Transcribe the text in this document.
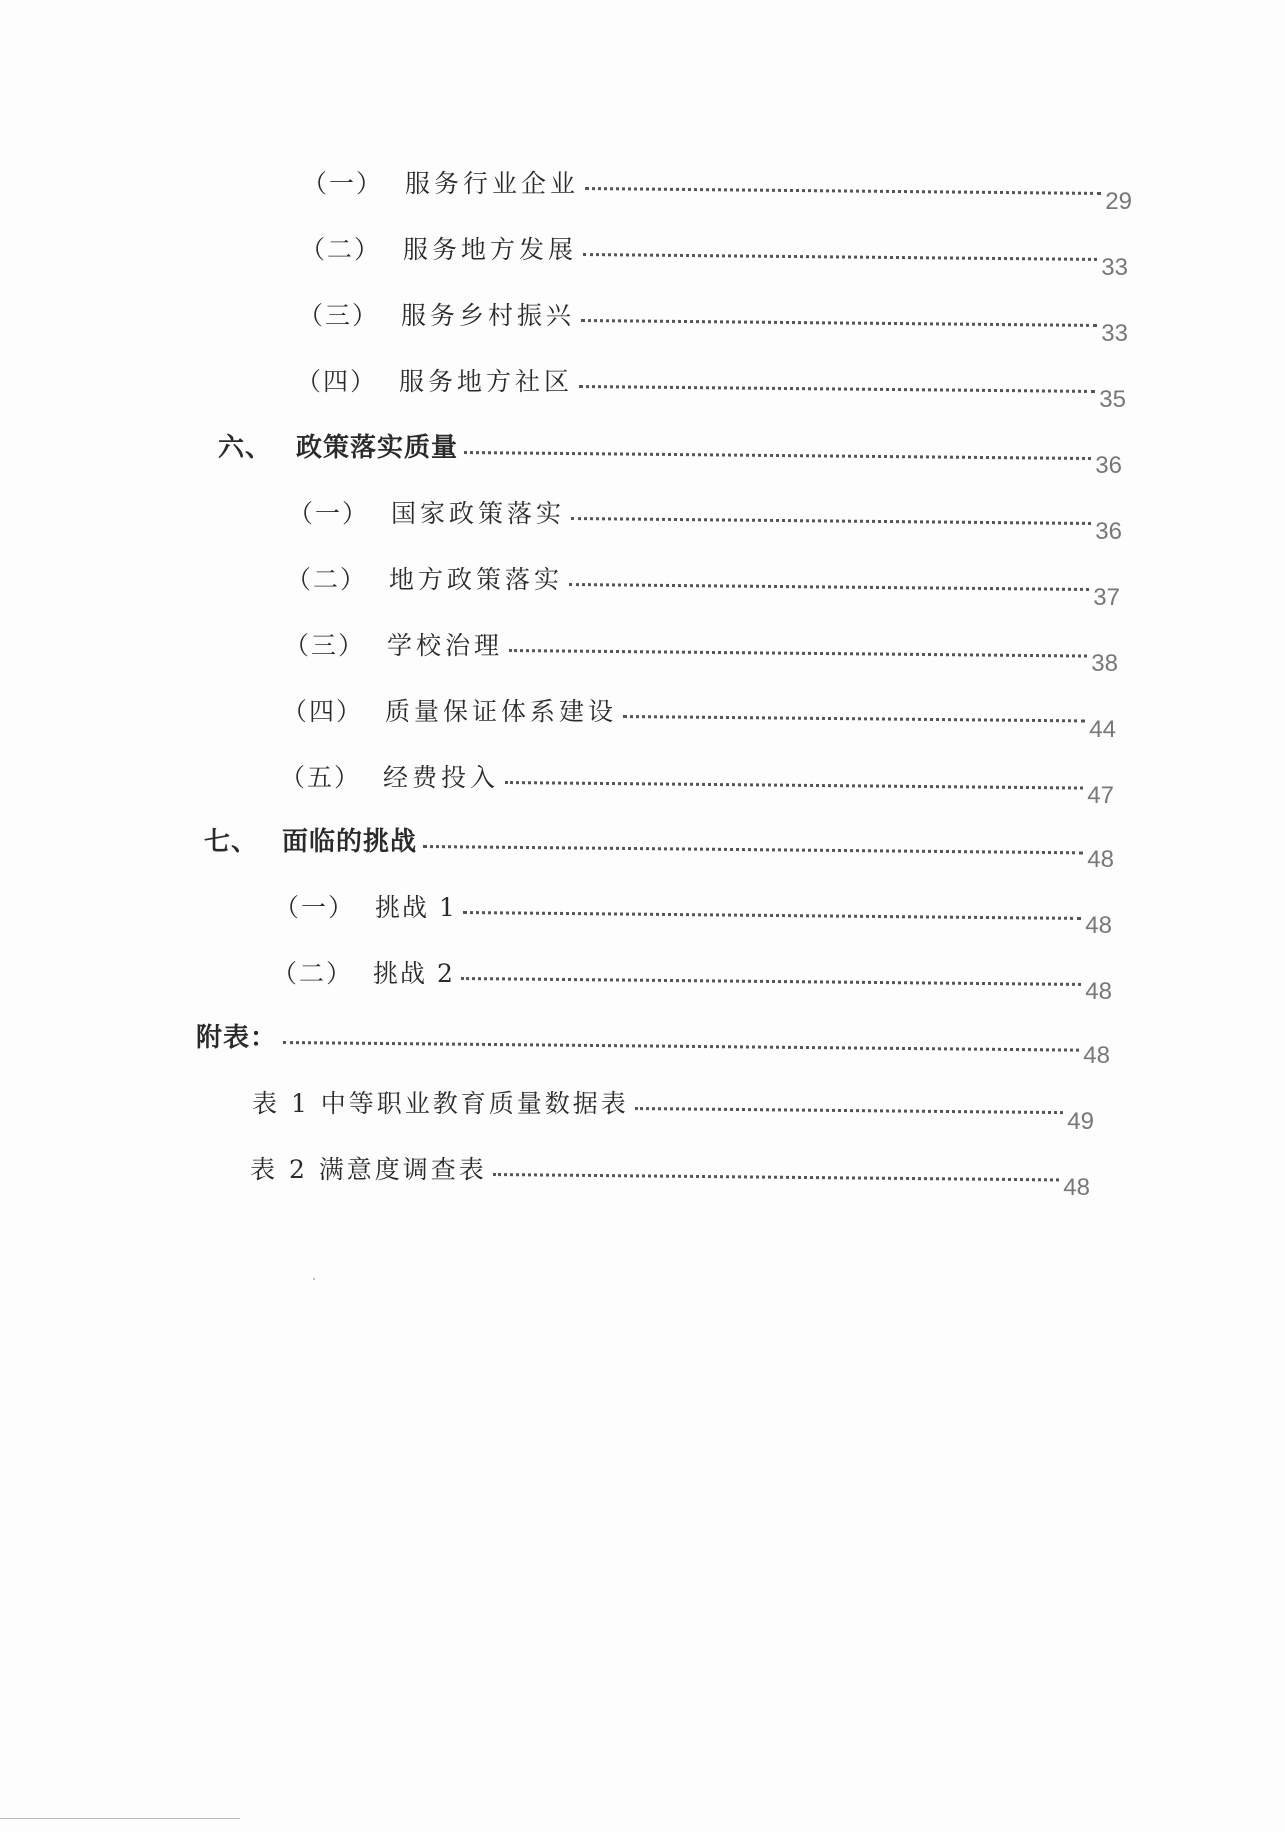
（一） 服务行业企业
29
（二） 服务地方发展
33
（三） 服务乡村振兴
33
（四） 服务地方社区
35
六、 政策落实质量
36
（一） 国家政策落实
36
（二） 地方政策落实
37
（三） 学校治理
38
（四） 质量保证体系建设
44
（五） 经费投入
47
七、 面临的挑战
48
（一） 挑战 1
48
（二） 挑战 2
48
附表：
48
表 1 中等职业教育质量数据表
49
表 2 满意度调查表
48
